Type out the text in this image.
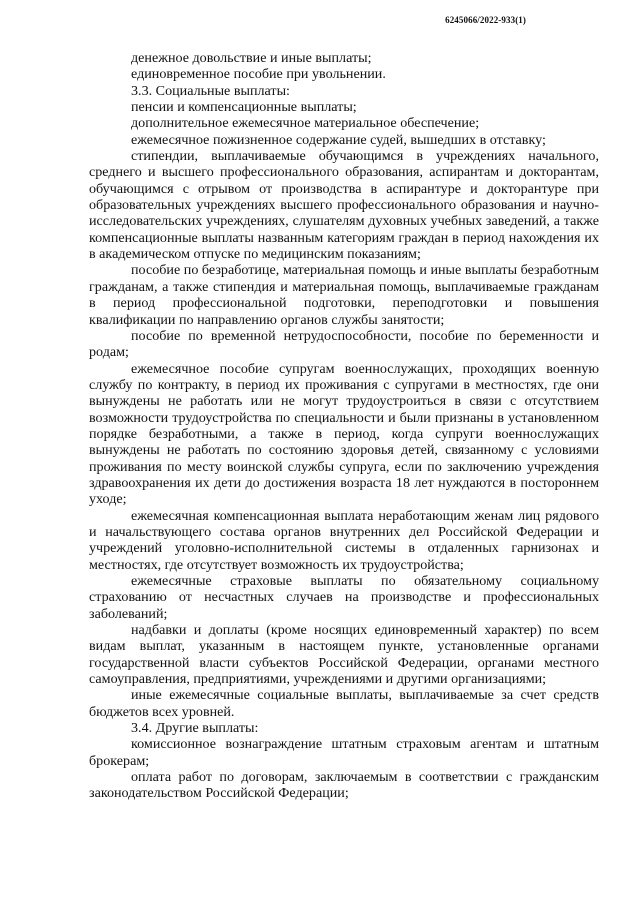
6245066/2022-933(1)

денежное довольствие и иные выплаты;

единовременное пособие при увольнении.

3.3. Социальные выплаты:

пенсии и компенсационные выплаты;

дополнительное ежемесячное материальное обеспечение;

ежемесячное пожизненное содержание судей, вышедших в отставку;

стипендии, выплачиваемые обучающимся в учреждениях начального, среднего и высшего профессионального образования, аспирантам и докторантам, обучающимся с отрывом от производства в аспирантуре и докторантуре при образовательных учреждениях высшего профессионального образования и научно-исследовательских учреждениях, слушателям духовных учебных заведений, а также компенсационные выплаты названным категориям граждан в период нахождения их в академическом отпуске по медицинским показаниям;

пособие по безработице, материальная помощь и иные выплаты безработным гражданам, а также стипендия и материальная помощь, выплачиваемые гражданам в период профессиональной подготовки, переподготовки и повышения квалификации по направлению органов службы занятости;

пособие по временной нетрудоспособности, пособие по беременности и родам;

ежемесячное пособие супругам военнослужащих, проходящих военную службу по контракту, в период их проживания с супругами в местностях, где они вынуждены не работать или не могут трудоустроиться в связи с отсутствием возможности трудоустройства по специальности и были признаны в установленном порядке безработными, а также в период, когда супруги военнослужащих вынуждены не работать по состоянию здоровья детей, связанному с условиями проживания по месту воинской службы супруга, если по заключению учреждения здравоохранения их дети до достижения возраста 18 лет нуждаются в постороннем уходе;

ежемесячная компенсационная выплата неработающим женам лиц рядового и начальствующего состава органов внутренних дел Российской Федерации и учреждений уголовно-исполнительной системы в отдаленных гарнизонах и местностях, где отсутствует возможность их трудоустройства;

ежемесячные страховые выплаты по обязательному социальному страхованию от несчастных случаев на производстве и профессиональных заболеваний;

надбавки и доплаты (кроме носящих единовременный характер) по всем видам выплат, указанным в настоящем пункте, установленные органами государственной власти субъектов Российской Федерации, органами местного самоуправления, предприятиями, учреждениями и другими организациями;

иные ежемесячные социальные выплаты, выплачиваемые за счет средств бюджетов всех уровней.

3.4. Другие выплаты:

комиссионное вознаграждение штатным страховым агентам и штатным брокерам;

оплата работ по договорам, заключаемым в соответствии с гражданским законодательством Российской Федерации;
